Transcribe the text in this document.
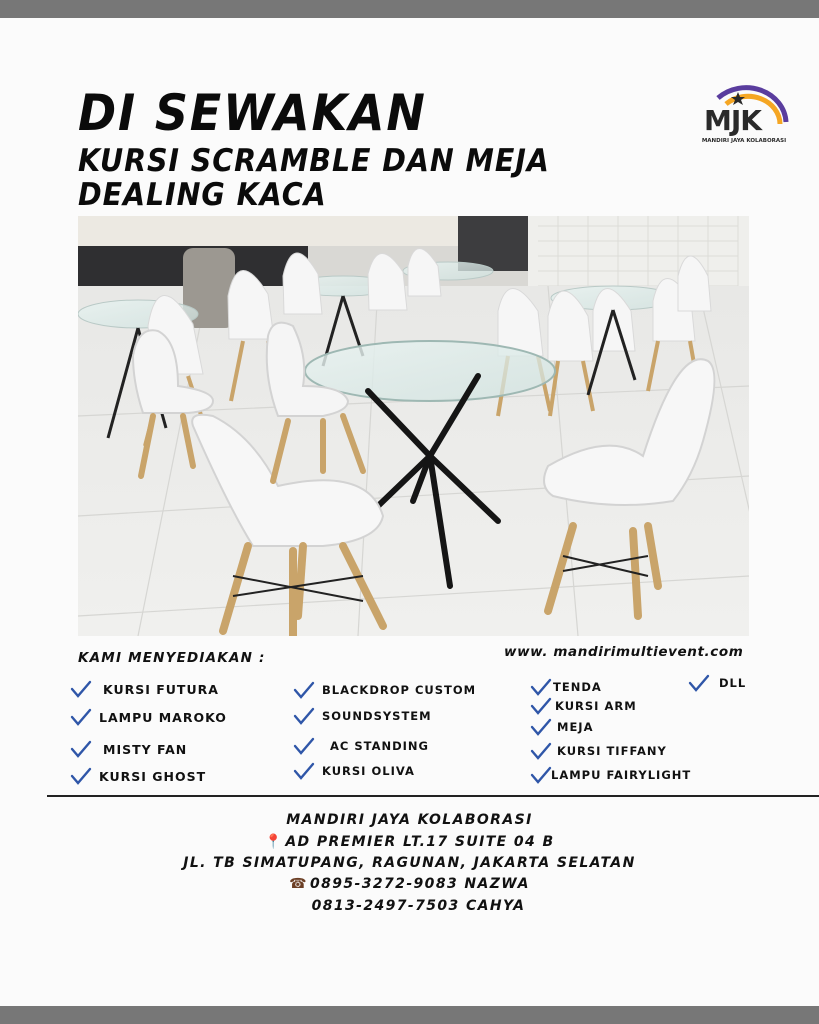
DI SEWAKAN
KURSI SCRAMBLE DAN MEJA
DEALING KACA
MJK
MANDIRI JAYA KOLABORASI
KAMI MENYEDIAKAN :	www. mandirimultievent.com
KURSI FUTURA
LAMPU MAROKO
MISTY FAN
KURSI GHOST
BLACKDROP CUSTOM
SOUNDSYSTEM
AC STANDING
KURSI OLIVA
TENDA
KURSI ARM
MEJA
KURSI TIFFANY
LAMPU FAIRYLIGHT
DLL
MANDIRI JAYA KOLABORASI
📍 AD PREMIER LT.17 SUITE 04 B
JL. TB SIMATUPANG, RAGUNAN, JAKARTA SELATAN
☎ 0895-3272-9083 NAZWA
0813-2497-7503 CAHYA
